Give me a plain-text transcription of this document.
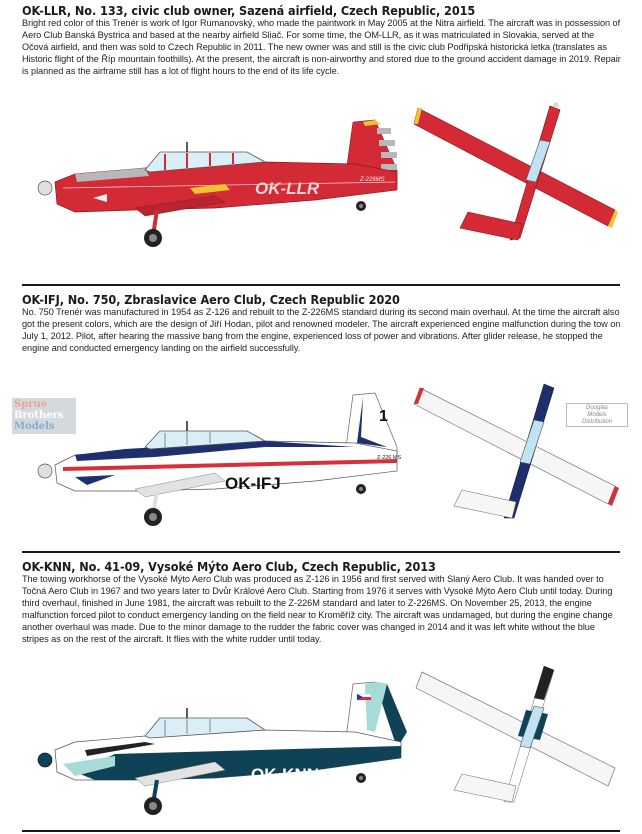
OK-LLR, No. 133, civic club owner, Sazená airfield, Czech Republic, 2015
Bright red color of this Trenér is work of Igor Rumanovský, who made the paintwork in May 2005 at the Nitra airfield. The aircraft was in possession of Aero Club Banská Bystrica and based at the nearby airfield Sliač. For some time, the OM-LLR, as it was matriculated in Slovakia, served at the Očová airfield, and then was sold to Czech Republic in 2011. The new owner was and still is the civic club Podřipská historická letka (translates as Historic flight of the Říp mountain foothills). At the present, the aircraft is non-airworthy and stored due to the ground accident damage in 2019. Repair is planned as the airframe still has a lot of flight hours to the end of its life cycle.
OK-LLR	Z-226MS
OK-IFJ, No. 750, Zbraslavice Aero Club, Czech Republic 2020
No. 750 Trenér was manufactured in 1954 as Z-126 and rebuilt to the Z-226MS standard during its second main overhaul. At the time the aircraft also got the present colors, which are the design of Jiří Hodan, pilot and renowned modeler. The aircraft experienced engine malfunction during the tow on July 1, 2012. Pilot, after hearing the massive bang from the engine, experienced loss of power and vibrations. After glider release, he stopped the engine and conducted emergency landing on the airfield successfully.
Sprue
Brothers
Models
1
OK-IFJ
Z-226 MS
Douglas
Models
Distribution
OK-KNN, No. 41-09, Vysoké Mýto Aero Club, Czech Republic, 2013
The towing workhorse of the Vysoké Mýto Aero Club was produced as Z-126 in 1956 and first served with Slaný Aero Club. It was handed over to Točná Aero Club in 1967 and two years later to Dvůr Králové Aero Club. Starting from 1976 it serves with Vysoké Mýto Aero Club until today. During third overhaul, finished in June 1981, the aircraft was rebuilt to the Z-226M standard and later to Z-226MS. On November 25, 2013, the engine malfunction forced pilot to conduct emergency landing on the field near to Kroměříž city. The aircraft was undamaged, but during the engine change another overhaul was made. Due to the minor damage to the rudder the fabric cover was changed in 2014 and it was left white without the blue stripes as on the rest of the aircraft. It flies with the white rudder until today.
OK-KNN
